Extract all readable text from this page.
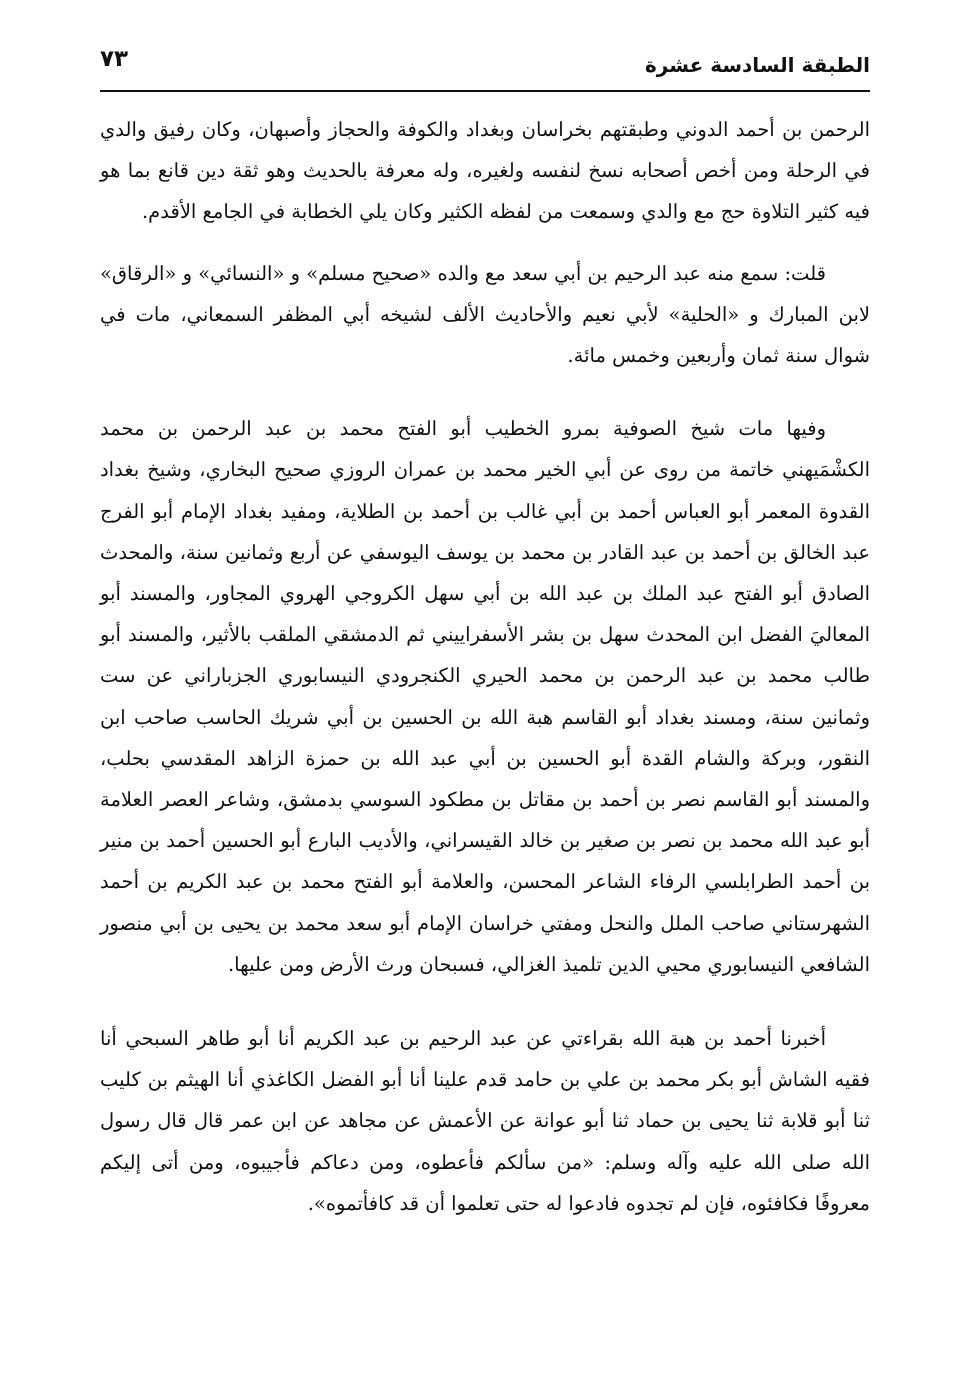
الطبقة السادسة عشرة
٧٣

الرحمن بن أحمد الدوني وطبقتهم بخراسان وبغداد والكوفة والحجاز وأصبهان، وكان رفيق والدي في الرحلة ومن أخص أصحابه نسخ لنفسه ولغيره، وله معرفة بالحديث وهو ثقة دين قانع بما هو فيه كثير التلاوة حج مع والدي وسمعت من لفظه الكثير وكان يلي الخطابة في الجامع الأقدم.

قلت: سمع منه عبد الرحيم بن أبي سعد مع والده «صحيح مسلم» و «النسائي» و «الرقاق» لابن المبارك و «الحلية» لأبي نعيم والأحاديث الألف لشيخه أبي المظفر السمعاني، مات في شوال سنة ثمان وأربعين وخمس مائة.

وفيها مات شيخ الصوفية بمرو الخطيب أبو الفتح محمد بن عبد الرحمن بن محمد الكشْمَيهني خاتمة من روى عن أبي الخير محمد بن عمران الروزي صحيح البخاري، وشيخ بغداد القدوة المعمر أبو العباس أحمد بن أبي غالب بن أحمد بن الطلاية، ومفيد بغداد الإمام أبو الفرج عبد الخالق بن أحمد بن عبد القادر بن محمد بن يوسف اليوسفي عن أربع وثمانين سنة، والمحدث الصادق أبو الفتح عبد الملك بن عبد الله بن أبي سهل الكروجي الهروي المجاور، والمسند أبو المعاليَ الفضل ابن المحدث سهل بن بشر الأسفراييني ثم الدمشقي الملقب بالأثير، والمسند أبو طالب محمد بن عبد الرحمن بن محمد الحيري الكنجرودي النيسابوري الجزباراني عن ست وثمانين سنة، ومسند بغداد أبو القاسم هبة الله بن الحسين بن أبي شريك الحاسب صاحب ابن النقور، وبركة والشام القدة أبو الحسين بن أبي عبد الله بن حمزة الزاهد المقدسي بحلب، والمسند أبو القاسم نصر بن أحمد بن مقاتل بن مطكود السوسي بدمشق، وشاعر العصر العلامة أبو عبد الله محمد بن نصر بن صغير بن خالد القيسراني، والأديب البارع أبو الحسين أحمد بن منير بن أحمد الطرابلسي الرفاء الشاعر المحسن، والعلامة أبو الفتح محمد بن عبد الكريم بن أحمد الشهرستاني صاحب الملل والنحل ومفتي خراسان الإمام أبو سعد محمد بن يحيى بن أبي منصور الشافعي النيسابوري محيي الدين تلميذ الغزالي، فسبحان ورث الأرض ومن عليها.

أخبرنا أحمد بن هبة الله بقراءتي عن عبد الرحيم بن عبد الكريم أنا أبو طاهر السبحي أنا فقيه الشاش أبو بكر محمد بن علي بن حامد قدم علينا أنا أبو الفضل الكاغذي أنا الهيثم بن كليب ثنا أبو قلابة ثنا يحيى بن حماد ثنا أبو عوانة عن الأعمش عن مجاهد عن ابن عمر قال قال رسول الله صلى الله عليه وآله وسلم: «من سألكم فأعطوه، ومن دعاكم فأجيبوه، ومن أتى إليكم معروفًا فكافئوه، فإن لم تجدوه فادعوا له حتى تعلموا أن قد كافأتموه».
